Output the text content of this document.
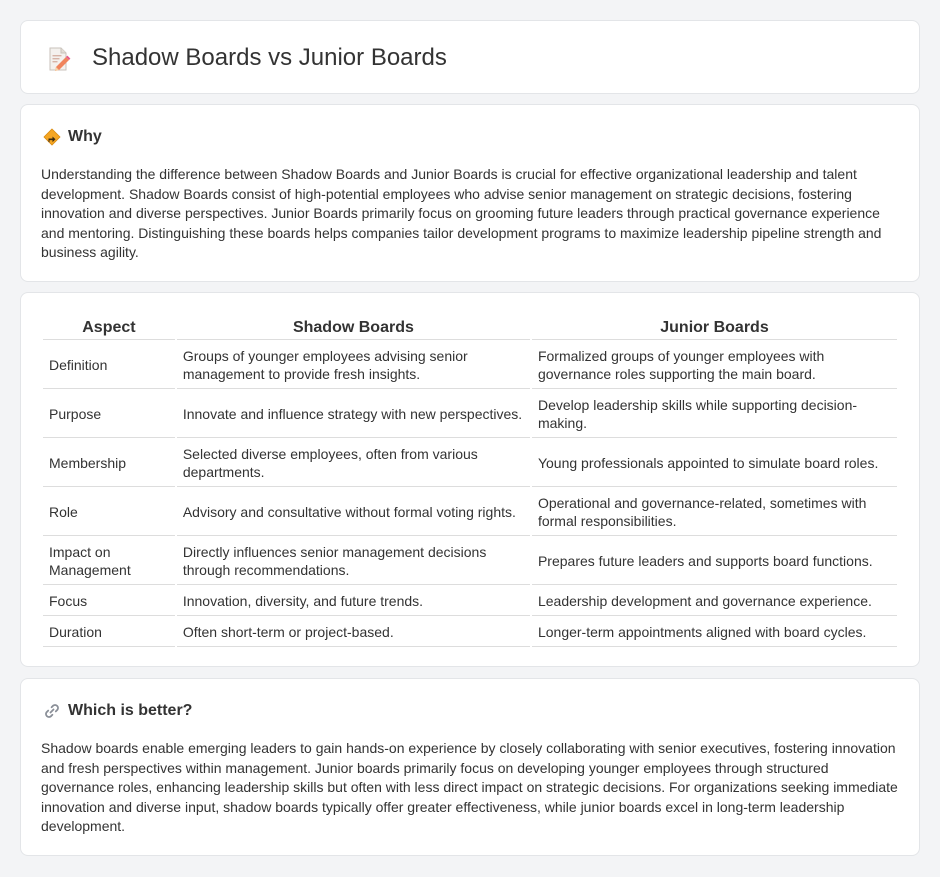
Shadow Boards vs Junior Boards
Why

Understanding the difference between Shadow Boards and Junior Boards is crucial for effective organizational leadership and talent development. Shadow Boards consist of high-potential employees who advise senior management on strategic decisions, fostering innovation and diverse perspectives. Junior Boards primarily focus on grooming future leaders through practical governance experience and mentoring. Distinguishing these boards helps companies tailor development programs to maximize leadership pipeline strength and business agility.

Aspect	Shadow Boards	Junior Boards
Definition	Groups of younger employees advising senior management to provide fresh insights.	Formalized groups of younger employees with governance roles supporting the main board.
Purpose	Innovate and influence strategy with new perspectives.	Develop leadership skills while supporting decision-making.
Membership	Selected diverse employees, often from various departments.	Young professionals appointed to simulate board roles.
Role	Advisory and consultative without formal voting rights.	Operational and governance-related, sometimes with formal responsibilities.
Impact on Management	Directly influences senior management decisions through recommendations.	Prepares future leaders and supports board functions.
Focus	Innovation, diversity, and future trends.	Leadership development and governance experience.
Duration	Often short-term or project-based.	Longer-term appointments aligned with board cycles.
Which is better?

Shadow boards enable emerging leaders to gain hands-on experience by closely collaborating with senior executives, fostering innovation and fresh perspectives within management. Junior boards primarily focus on developing younger employees through structured governance roles, enhancing leadership skills but often with less direct impact on strategic decisions. For organizations seeking immediate innovation and diverse input, shadow boards typically offer greater effectiveness, while junior boards excel in long-term leadership development.
